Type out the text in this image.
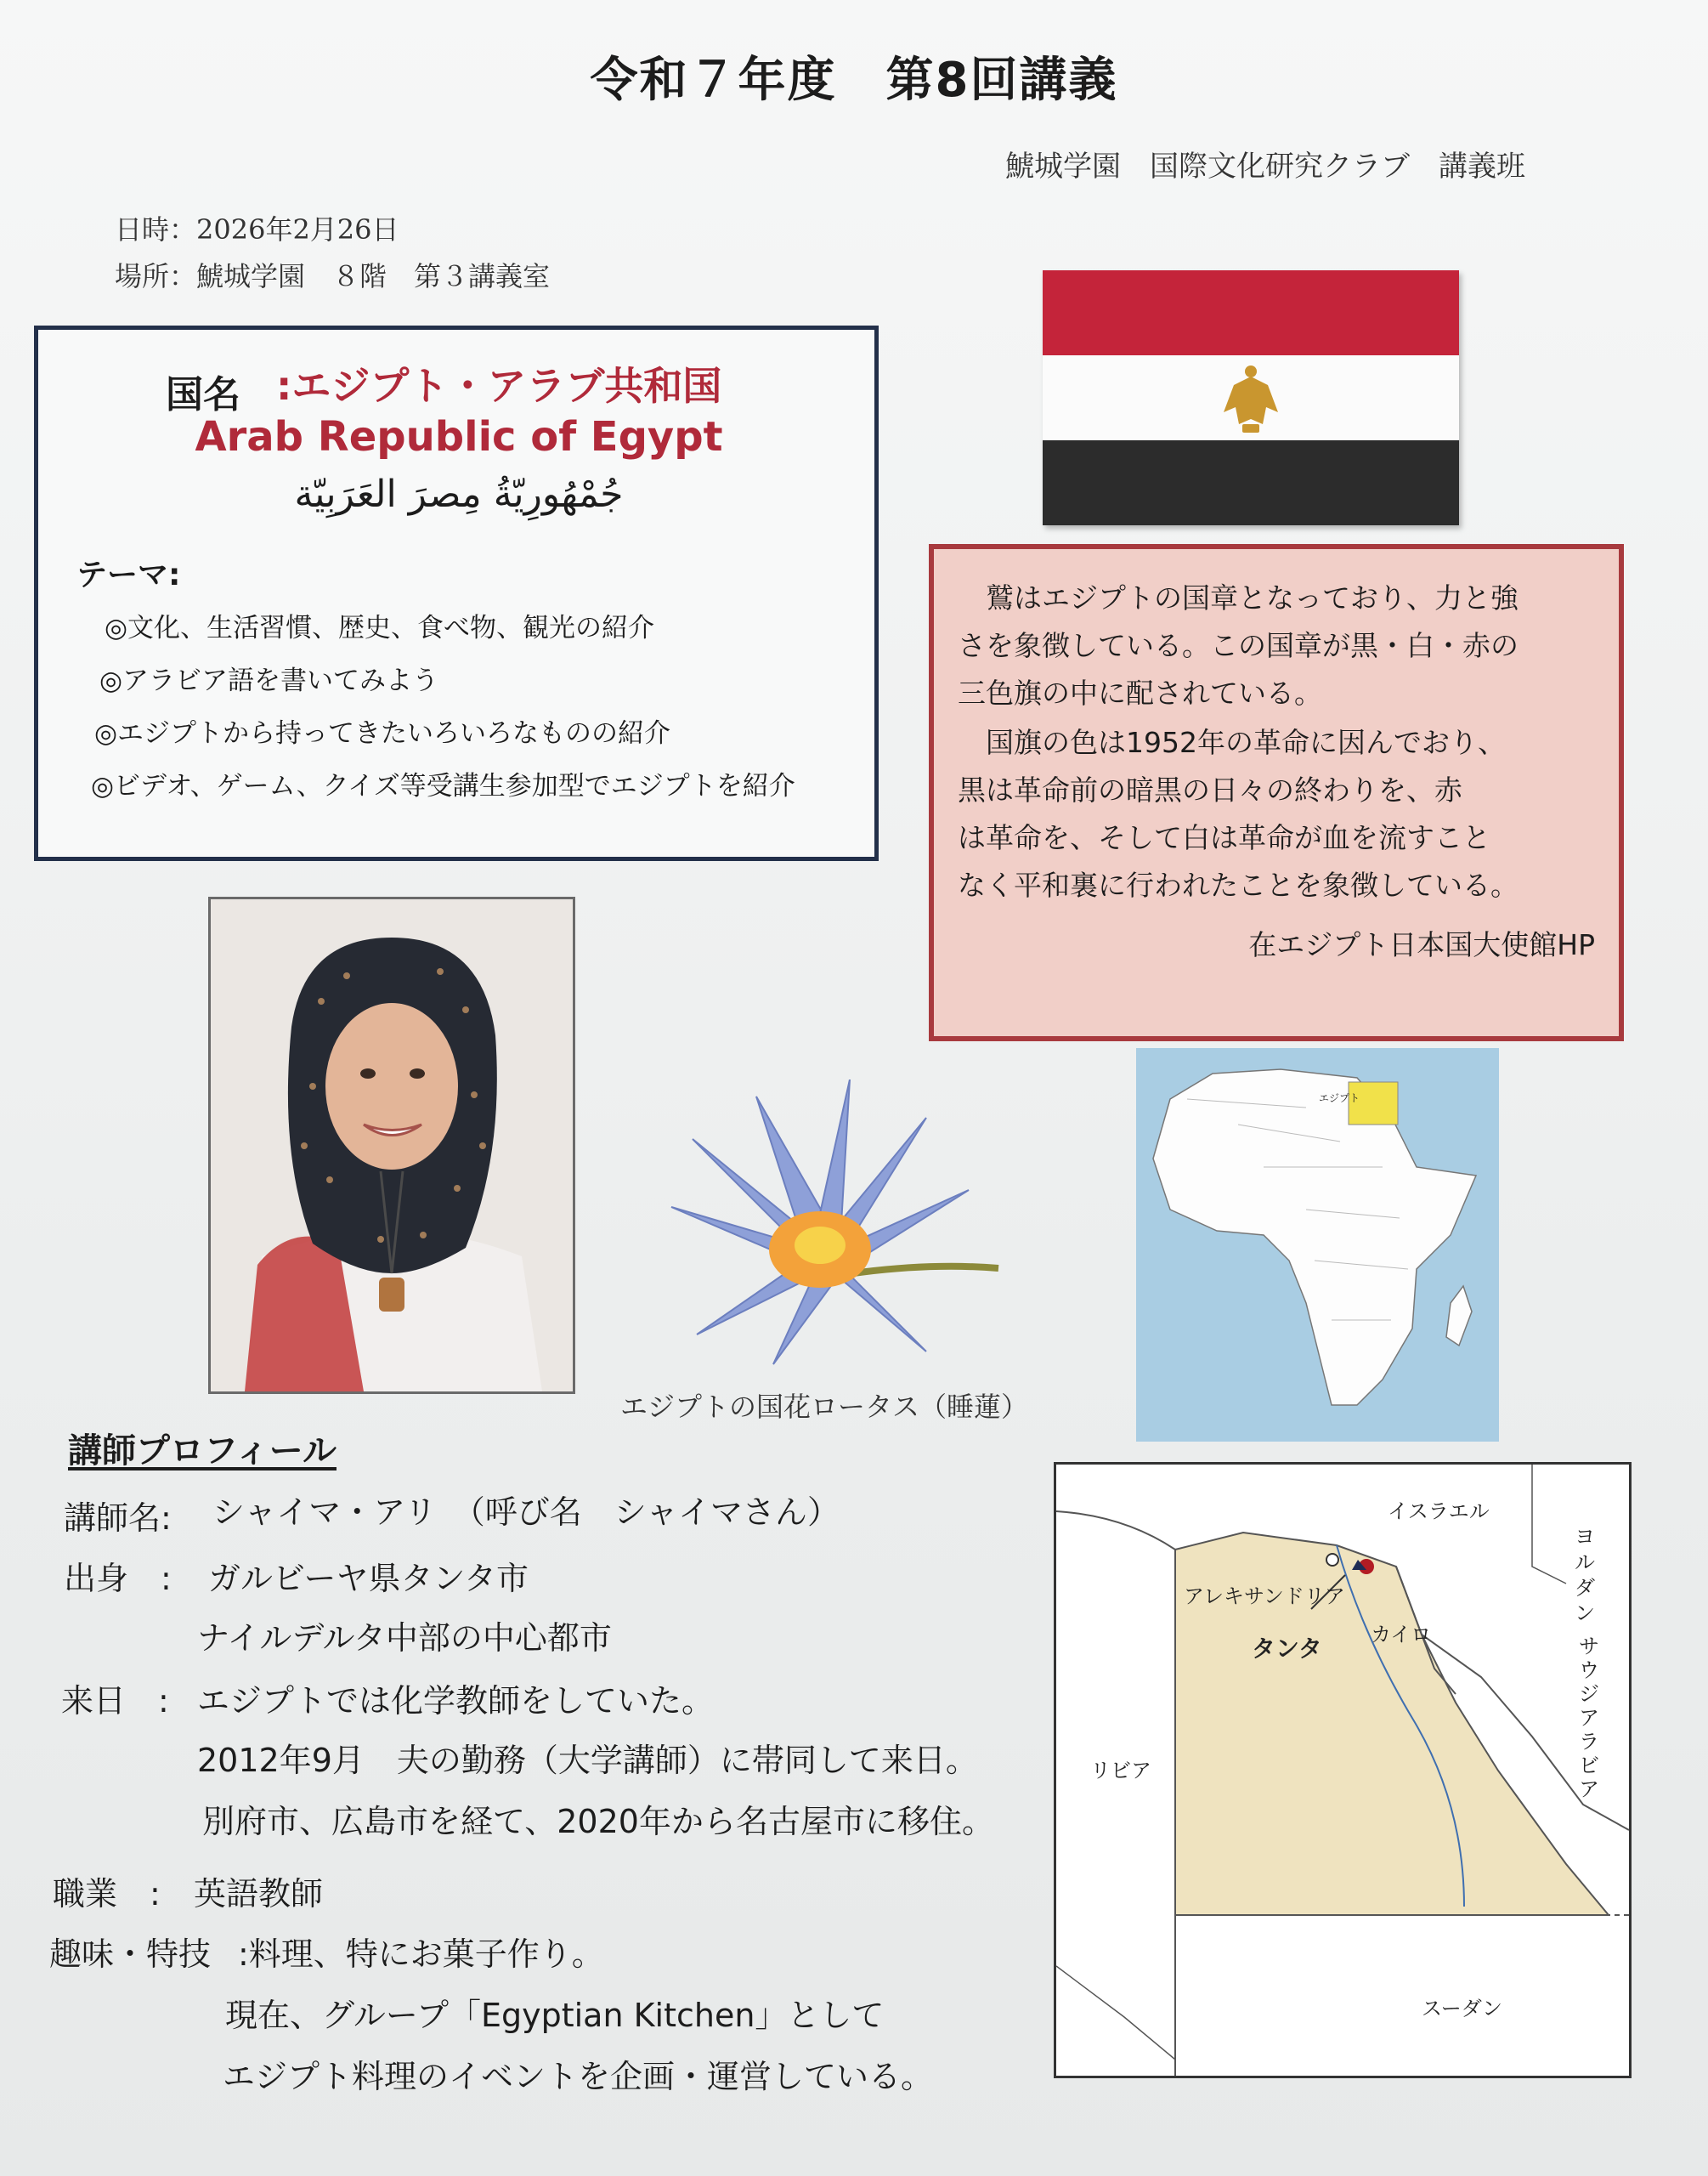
令和７年度　第8回講義
鯱城学園　国際文化研究クラブ　講義班
日時：2026年2月26日
場所：鯱城学園　８階　第３講義室
国名 :エジプト・アラブ共和国
Arab Republic of Egypt
جُمْهُورِيّةُ مِصرَ العَرَبِيّة
テーマ:
◎文化、生活習慣、歴史、食べ物、観光の紹介
◎アラビア語を書いてみよう
◎エジプトから持ってきたいろいろなものの紹介
◎ビデオ、ゲーム、クイズ等受講生参加型でエジプトを紹介
　鷲はエジプトの国章となっており、力と強
さを象徴している。この国章が黒・白・赤の
三色旗の中に配されている。
　国旗の色は1952年の革命に因んでおり、
黒は革命前の暗黒の日々の終わりを、赤
は革命を、そして白は革命が血を流すこと
なく平和裏に行われたことを象徴している。
在エジプト日本国大使館HP
エジプトの国花ロータス（睡蓮）
エジプト
イスラエル
ヨルダン
アレキサンドリア
カイロ
タンタ	サウジアラビア
リビア
スーダン
講師プロフィール
講師名: シャイマ・アリ　（呼び名　シャイマさん）
出身　: ガルビーヤ県タンタ市
ナイルデルタ中部の中心都市
来日　: エジプトでは化学教師をしていた。
2012年9月　夫の勤務（大学講師）に帯同して来日。
別府市、広島市を経て、2020年から名古屋市に移住。
職業　: 英語教師
趣味・特技 :料理、特にお菓子作り。
現在、グループ「Egyptian Kitchen」として
エジプト料理のイベントを企画・運営している。
